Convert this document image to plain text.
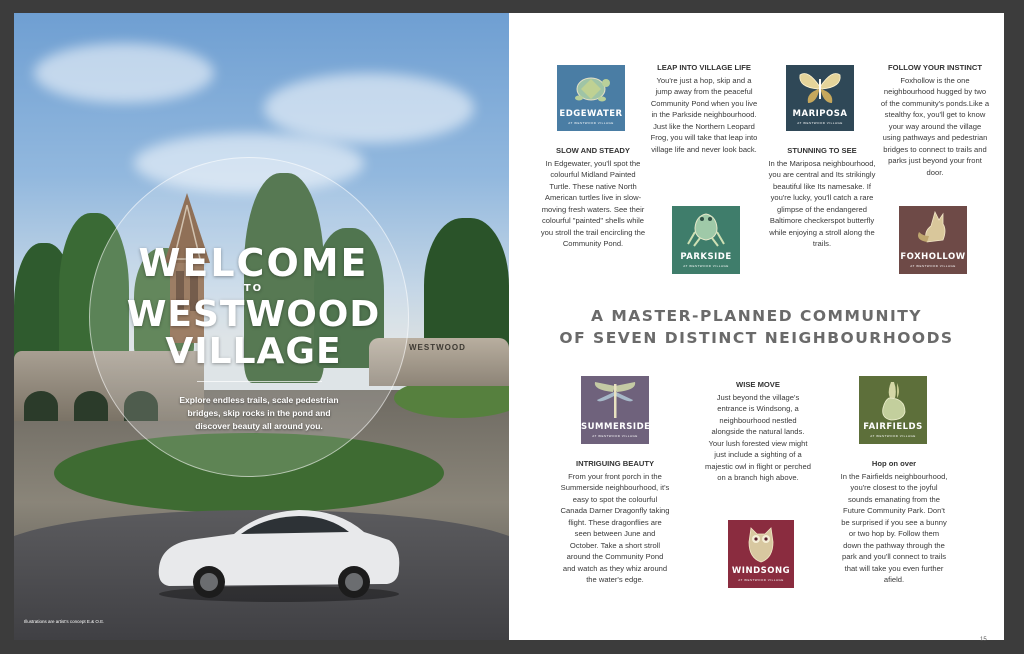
WESTWOOD
WELCOME
TO
WESTWOOD
VILLAGE
Explore endless trails, scale pedestrian bridges, skip rocks in the pond and discover beauty all around you.
Illustrations are artist's concept E.& O.E.
EDGEWATER
AT WESTWOOD VILLAGE
SLOW AND STEADY
In Edgewater, you'll spot the colourful Midland Painted Turtle. These native North American turtles live in slow-moving fresh waters. See their colourful "painted" shells while you stroll the trail encircling the Community Pond.
LEAP INTO VILLAGE LIFE
You're just a hop, skip and a jump away from the peaceful Community Pond when you live in the Parkside neighbourhood. Just like the Northern Leopard Frog, you will take that leap into village life and never look back.
PARKSIDE
AT WESTWOOD VILLAGE
MARIPOSA
AT WESTWOOD VILLAGE
STUNNING TO SEE
In the Mariposa neighbourhood, you are central and Its strikingly beautiful like Its namesake. If you're lucky, you'll catch a rare glimpse of the endangered Baltimore checkerspot butterfly while enjoying a stroll along the trails.
FOLLOW YOUR INSTINCT
Foxhollow is the one neighbourhood hugged by two of the community's ponds.Like a stealthy fox, you'll get to know your way around the village using pathways and pedestrian bridges to connect to trails and parks just beyond your front door.
FOXHOLLOW
AT WESTWOOD VILLAGE
A MASTER-PLANNED COMMUNITY
OF SEVEN DISTINCT NEIGHBOURHOODS
SUMMERSIDE
AT WESTWOOD VILLAGE
INTRIGUING BEAUTY
From your front porch in the Summerside neighbourhood, it's easy to spot the colourful Canada Darner Dragonfly taking flight. These dragonflies are seen between June and October. Take a short stroll around the Community Pond and watch as they whiz around the water's edge.
WISE MOVE
Just beyond the village's entrance is Windsong, a neighbourhood nestled alongside the natural lands. Your lush forested view might just include a sighting of a majestic owl in flight or perched on a branch high above.
WINDSONG
AT WESTWOOD VILLAGE
FAIRFIELDS
AT WESTWOOD VILLAGE
Hop on over
In the Fairfields neighbourhood, you're closest to the joyful sounds emanating from the Future Community Park. Don't be surprised if you see a bunny or two hop by. Follow them down the pathway through the park and you'll connect to trails that will take you even further afield.
15
